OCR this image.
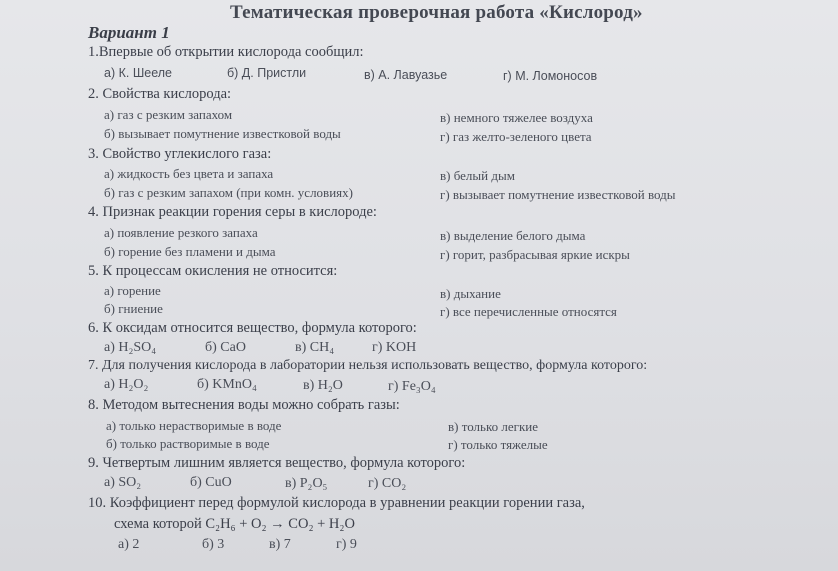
Тематическая проверочная работа «Кислород»
Вариант 1
1.Впервые об открытии кислорода сообщил:
а) К. Шееле	б) Д. Пристли	в) А. Лавуазье	г) М. Ломоносов
2. Свойства кислорода:
а) газ с резким запахом
б) вызывает помутнение известковой воды
в) немного тяжелее воздуха
г) газ желто-зеленого цвета
3. Свойство углекислого газа:
а) жидкость без цвета и запаха
б) газ с резким запахом (при комн. условиях)
в) белый дым
г) вызывает помутнение известковой воды
4. Признак реакции горения серы в кислороде:
а) появление резкого запаха
б) горение без пламени и дыма
в) выделение белого дыма
г) горит, разбрасывая яркие искры
5. К процессам окисления не относится:
а) горение
б) гниение
в) дыхание
г) все перечисленные относятся
6. К оксидам относится вещество, формула которого:
а) H₂SO₄	б) CaO	в) CH₄	г) KOH
7. Для получения кислорода в лаборатории нельзя использовать вещество, формула которого:
а) H₂O₂	б) KMnO₄	в) H₂O	г) Fe₃O₄
8. Методом вытеснения воды можно собрать газы:
а) только нерастворимые в воде
б) только растворимые в воде
в) только легкие
г) только тяжелые
9. Четвертым лишним является вещество, формула которого:
а) SO₂	б) CuO	в) P₂O₅	г) CO₂
10. Коэффициент перед формулой кислорода в уравнении реакции горении газа,
схема которой C₂H₆ + O₂ → CO₂ + H₂O
а) 2	б) 3	в) 7	г) 9
